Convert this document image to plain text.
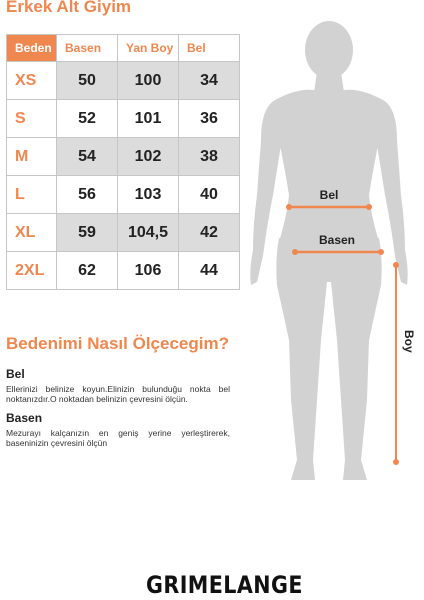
Erkek Alt Giyim
Beden	Basen	Yan Boy	Bel
XS	50	100	34
S	52	101	36
M	54	102	38
L	56	103	40
XL	59	104,5	42
2XL	62	106	44
Bedenimi Nasıl Ölçecegim?
Bel
Ellerinizi belinize koyun.Elinizin bulunduğu nokta bel noktanızdır.O noktadan belinizin çevresini ölçün.
Basen
Mezurayı kalçanızın en geniş yerine yerleştirerek, baseninizin çevresini ölçün
Bel
Basen
Boy
GRIMELANGE
